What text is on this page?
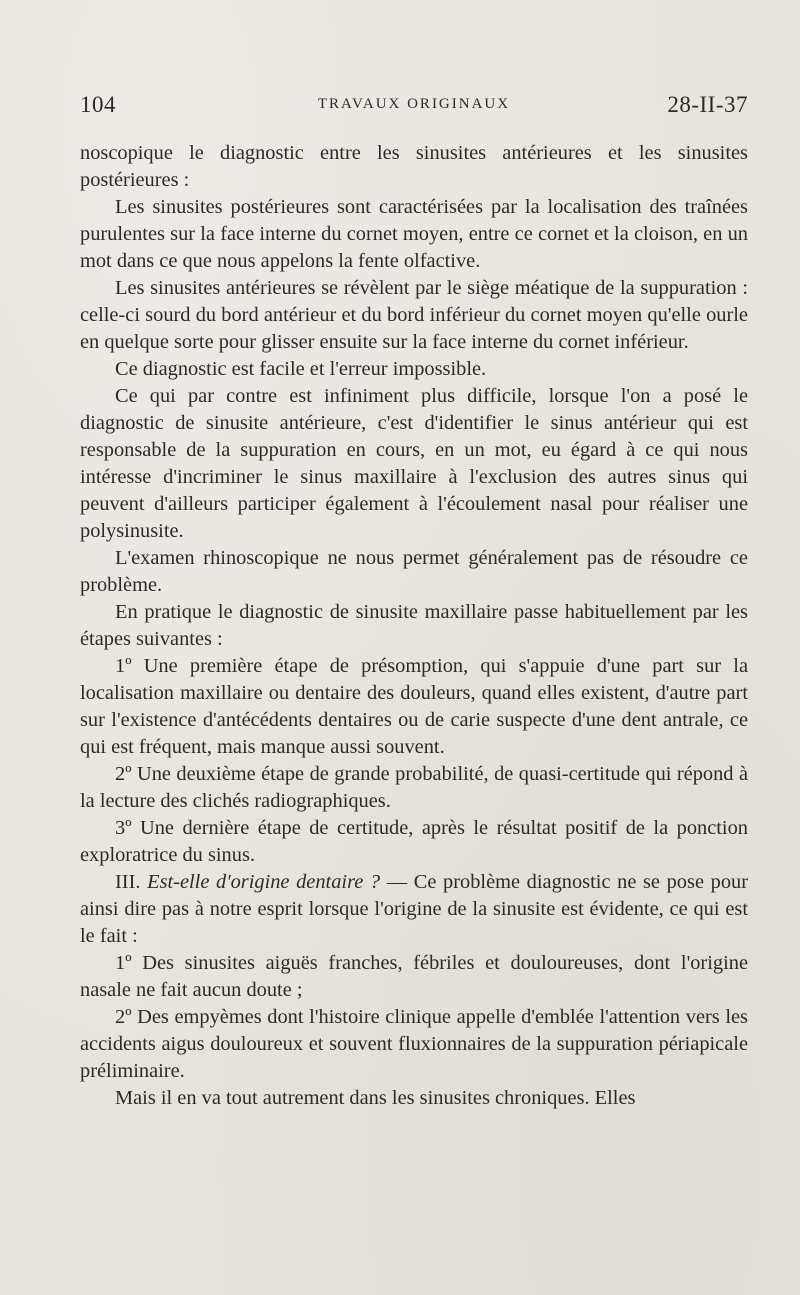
104	TRAVAUX ORIGINAUX	28-II-37

noscopique le diagnostic entre les sinusites antérieures et les sinusites postérieures :

Les sinusites postérieures sont caractérisées par la localisation des traînées purulentes sur la face interne du cornet moyen, entre ce cornet et la cloison, en un mot dans ce que nous appelons la fente olfactive.

Les sinusites antérieures se révèlent par le siège méatique de la suppuration : celle-ci sourd du bord antérieur et du bord inférieur du cornet moyen qu'elle ourle en quelque sorte pour glisser ensuite sur la face interne du cornet inférieur.

Ce diagnostic est facile et l'erreur impossible.

Ce qui par contre est infiniment plus difficile, lorsque l'on a posé le diagnostic de sinusite antérieure, c'est d'identifier le sinus antérieur qui est responsable de la suppuration en cours, en un mot, eu égard à ce qui nous intéresse d'incriminer le sinus maxillaire à l'exclusion des autres sinus qui peuvent d'ailleurs participer également à l'écoulement nasal pour réaliser une polysinusite.

L'examen rhinoscopique ne nous permet généralement pas de résoudre ce problème.

En pratique le diagnostic de sinusite maxillaire passe habituellement par les étapes suivantes :

1º Une première étape de présomption, qui s'appuie d'une part sur la localisation maxillaire ou dentaire des douleurs, quand elles existent, d'autre part sur l'existence d'antécédents dentaires ou de carie suspecte d'une dent antrale, ce qui est fréquent, mais manque aussi souvent.

2º Une deuxième étape de grande probabilité, de quasi-certitude qui répond à la lecture des clichés radiographiques.

3º Une dernière étape de certitude, après le résultat positif de la ponction exploratrice du sinus.

III. Est-elle d'origine dentaire ? — Ce problème diagnostic ne se pose pour ainsi dire pas à notre esprit lorsque l'origine de la sinusite est évidente, ce qui est le fait :

1º Des sinusites aiguës franches, fébriles et douloureuses, dont l'origine nasale ne fait aucun doute ;

2º Des empyèmes dont l'histoire clinique appelle d'emblée l'attention vers les accidents aigus douloureux et souvent fluxionnaires de la suppuration périapicale préliminaire.

Mais il en va tout autrement dans les sinusites chroniques. Elles
